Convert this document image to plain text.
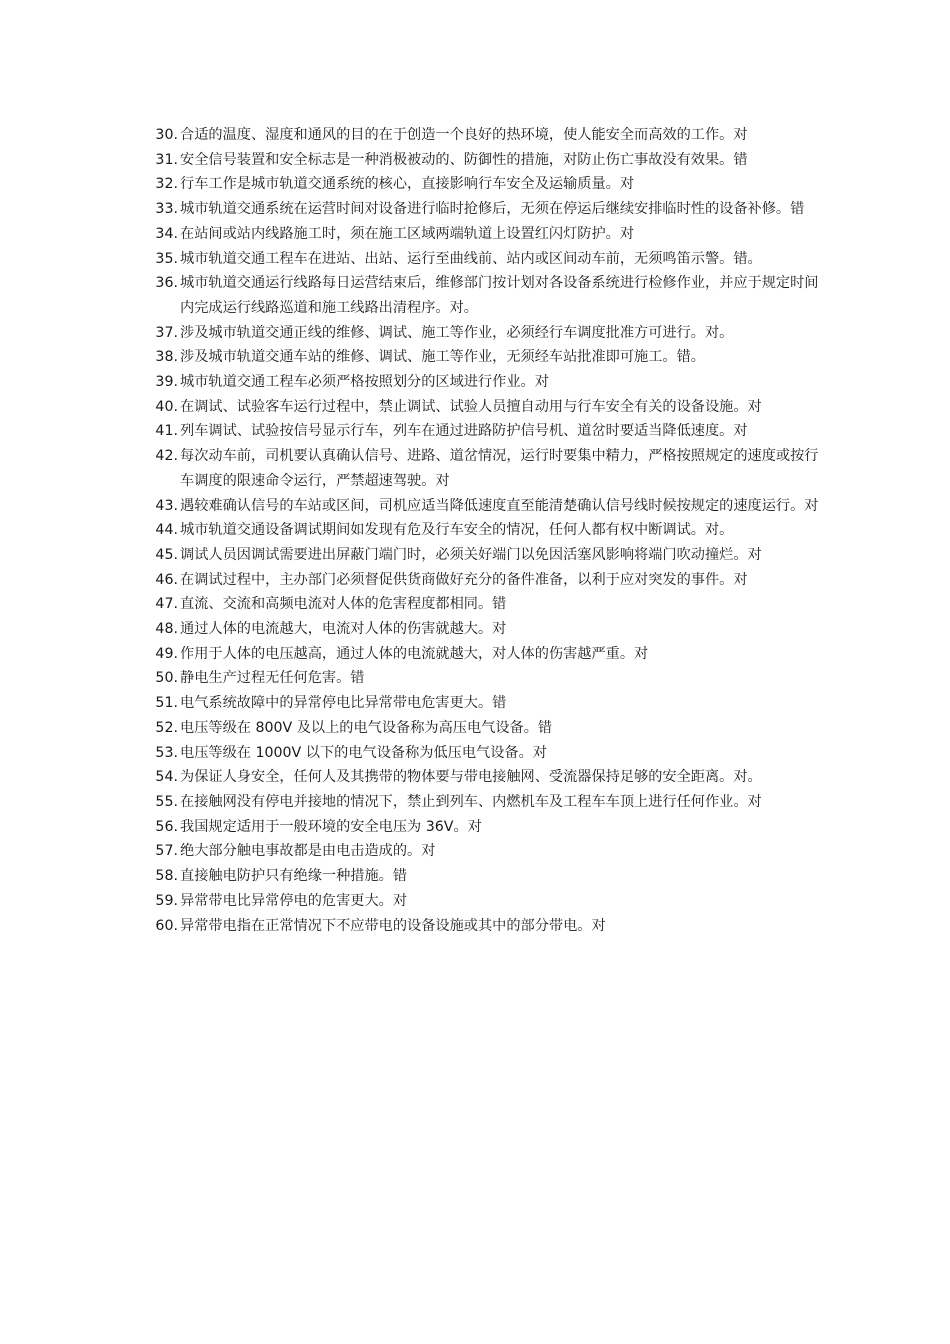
30. 合适的温度、湿度和通风的目的在于创造一个良好的热环境，使人能安全而高效的工作。对
31. 安全信号装置和安全标志是一种消极被动的、防御性的措施，对防止伤亡事故没有效果。错
32. 行车工作是城市轨道交通系统的核心，直接影响行车安全及运输质量。对
33. 城市轨道交通系统在运营时间对设备进行临时抢修后，无须在停运后继续安排临时性的设备补修。错
34. 在站间或站内线路施工时，须在施工区域两端轨道上设置红闪灯防护。对
35. 城市轨道交通工程车在进站、出站、运行至曲线前、站内或区间动车前，无须鸣笛示警。错。
36. 城市轨道交通运行线路每日运营结束后，维修部门按计划对各设备系统进行检修作业，并应于规定时间内完成运行线路巡道和施工线路出清程序。对。
37. 涉及城市轨道交通正线的维修、调试、施工等作业，必须经行车调度批准方可进行。对。
38. 涉及城市轨道交通车站的维修、调试、施工等作业，无须经车站批准即可施工。错。
39. 城市轨道交通工程车必须严格按照划分的区域进行作业。对
40. 在调试、试验客车运行过程中，禁止调试、试验人员擅自动用与行车安全有关的设备设施。对
41. 列车调试、试验按信号显示行车，列车在通过进路防护信号机、道岔时要适当降低速度。对
42. 每次动车前，司机要认真确认信号、进路、道岔情况，运行时要集中精力，严格按照规定的速度或按行车调度的限速命令运行，严禁超速驾驶。对
43. 遇较难确认信号的车站或区间，司机应适当降低速度直至能清楚确认信号线时候按规定的速度运行。对
44. 城市轨道交通设备调试期间如发现有危及行车安全的情况，任何人都有权中断调试。对。
45. 调试人员因调试需要进出屏蔽门端门时，必须关好端门以免因活塞风影响将端门吹动撞烂。对
46. 在调试过程中，主办部门必须督促供货商做好充分的备件准备，以利于应对突发的事件。对
47. 直流、交流和高频电流对人体的危害程度都相同。错
48. 通过人体的电流越大，电流对人体的伤害就越大。对
49. 作用于人体的电压越高，通过人体的电流就越大，对人体的伤害越严重。对
50. 静电生产过程无任何危害。错
51. 电气系统故障中的异常停电比异常带电危害更大。错
52. 电压等级在 800V 及以上的电气设备称为高压电气设备。错
53. 电压等级在 1000V 以下的电气设备称为低压电气设备。对
54. 为保证人身安全，任何人及其携带的物体要与带电接触网、受流器保持足够的安全距离。对。
55. 在接触网没有停电并接地的情况下，禁止到列车、内燃机车及工程车车顶上进行任何作业。对
56. 我国规定适用于一般环境的安全电压为 36V。对
57. 绝大部分触电事故都是由电击造成的。对
58. 直接触电防护只有绝缘一种措施。错
59. 异常带电比异常停电的危害更大。对
60. 异常带电指在正常情况下不应带电的设备设施或其中的部分带电。对
